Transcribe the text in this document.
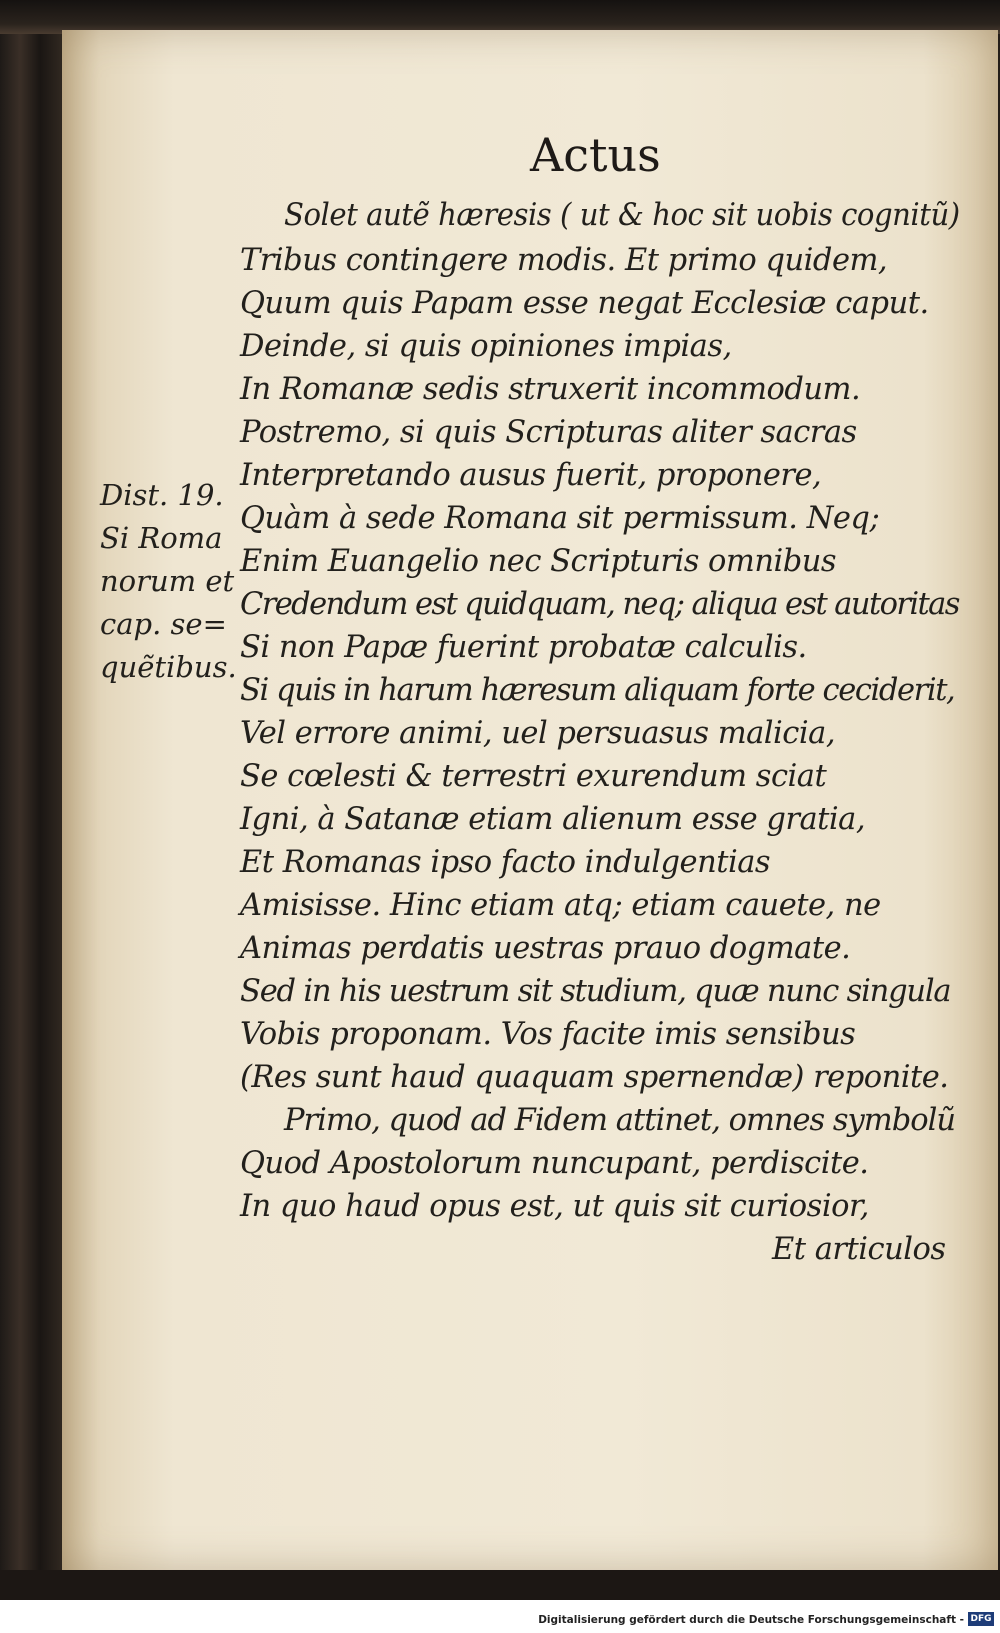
Actus
Solet autẽ hæresis ( ut & hoc sit uobis cognitũ)
Tribus contingere modis. Et primo quidem,
Quum quis Papam esse negat Ecclesiæ caput.
Deinde, si quis opiniones impias,
In Romanæ sedis struxerit incommodum.
Postremo, si quis Scripturas aliter sacras
Interpretando ausus fuerit, proponere,
Quàm à sede Romana sit permissum. Neq;
Enim Euangelio nec Scripturis omnibus
Credendum est quidquam, neq; aliqua est autoritas
Si non Papæ fuerint probatæ calculis.
Si quis in harum hæresum aliquam forte ceciderit,
Vel errore animi, uel persuasus malicia,
Se cœlesti & terrestri exurendum sciat
Igni, à Satanæ etiam alienum esse gratia,
Et Romanas ipso facto indulgentias
Amisisse. Hinc etiam atq; etiam cauete, ne
Animas perdatis uestras prauo dogmate.
Sed in his uestrum sit studium, quæ nunc singula
Vobis proponam. Vos facite imis sensibus
(Res sunt haud quaquam spernendæ) reponite.
Primo, quod ad Fidem attinet, omnes symbolũ
Quod Apostolorum nuncupant, perdiscite.
In quo haud opus est, ut quis sit curiosior,
Et articulos
Dist. 19.
Si Roma
norum et
cap. se=
quẽtibus.
Digitalisierung gefördert durch die Deutsche Forschungsgemeinschaft - DFG
